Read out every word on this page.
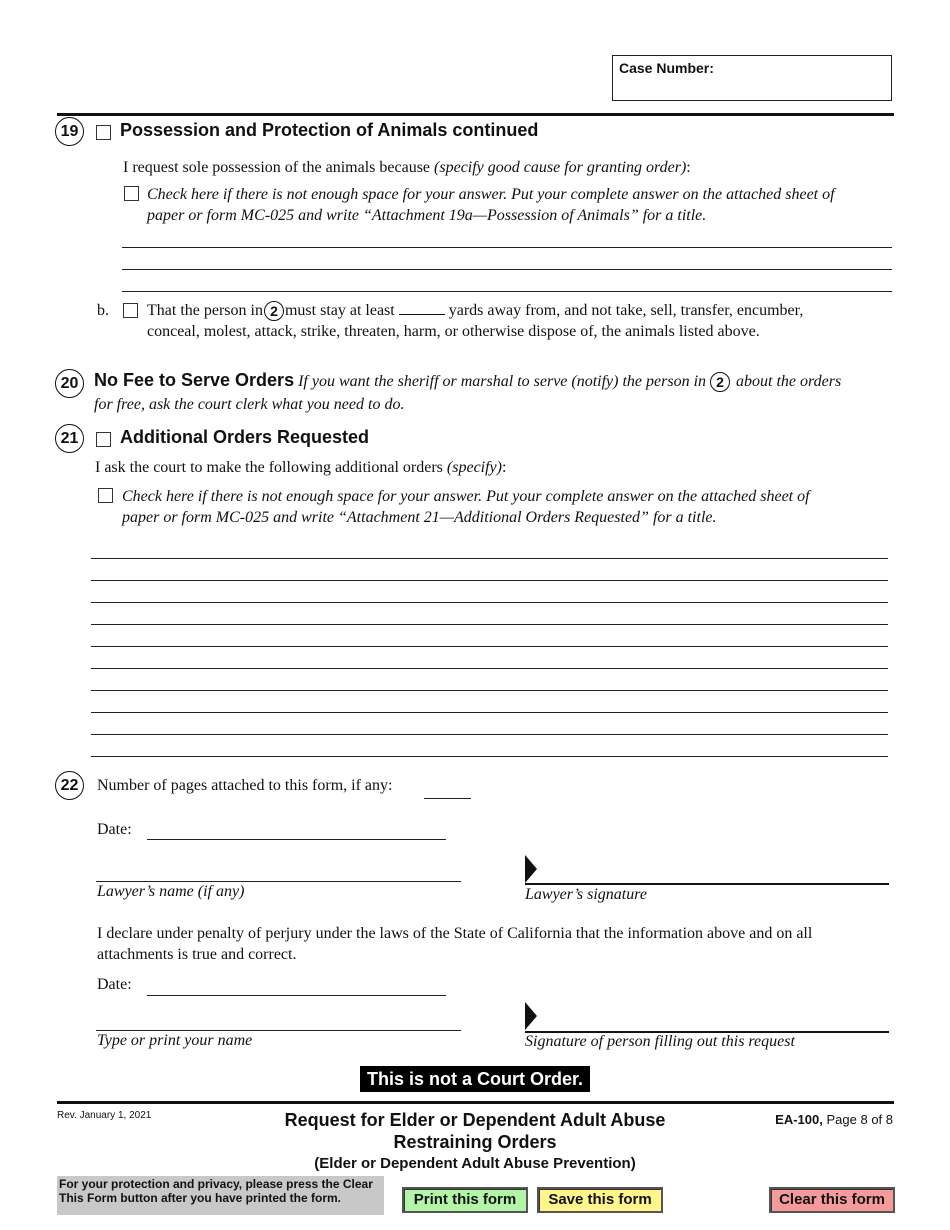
Case Number:
19	Possession and Protection of Animals continued
I request sole possession of the animals because (specify good cause for granting order):
Check here if there is not enough space for your answer. Put your complete answer on the attached sheet of
paper or form MC-025 and write “Attachment 19a—Possession of Animals” for a title.
b. That the person in 2 must stay at least	yards away from, and not take, sell, transfer, encumber,
conceal, molest, attack, strike, threaten, harm, or otherwise dispose of, the animals listed above.
20 No Fee to Serve Orders If you want the sheriff or marshal to serve (notify) the person in 2 about the orders
for free, ask the court clerk what you need to do.
21	Additional Orders Requested
I ask the court to make the following additional orders (specify):
Check here if there is not enough space for your answer. Put your complete answer on the attached sheet of
paper or form MC-025 and write “Attachment 21—Additional Orders Requested” for a title.
22	Number of pages attached to this form, if any:
Date:
Lawyer’s name (if any)	Lawyer’s signature
I declare under penalty of perjury under the laws of the State of California that the information above and on all
attachments is true and correct.
Date:
Type or print your name	Signature of person filling out this request
This is not a Court Order.
Rev. January 1, 2021	Request for Elder or Dependent Adult Abuse
Restraining Orders
(Elder or Dependent Adult Abuse Prevention)
EA-100, Page 8 of 8
For your protection and privacy, please press the Clear
This Form button after you have printed the form.	Print this form	Save this form	Clear this form
